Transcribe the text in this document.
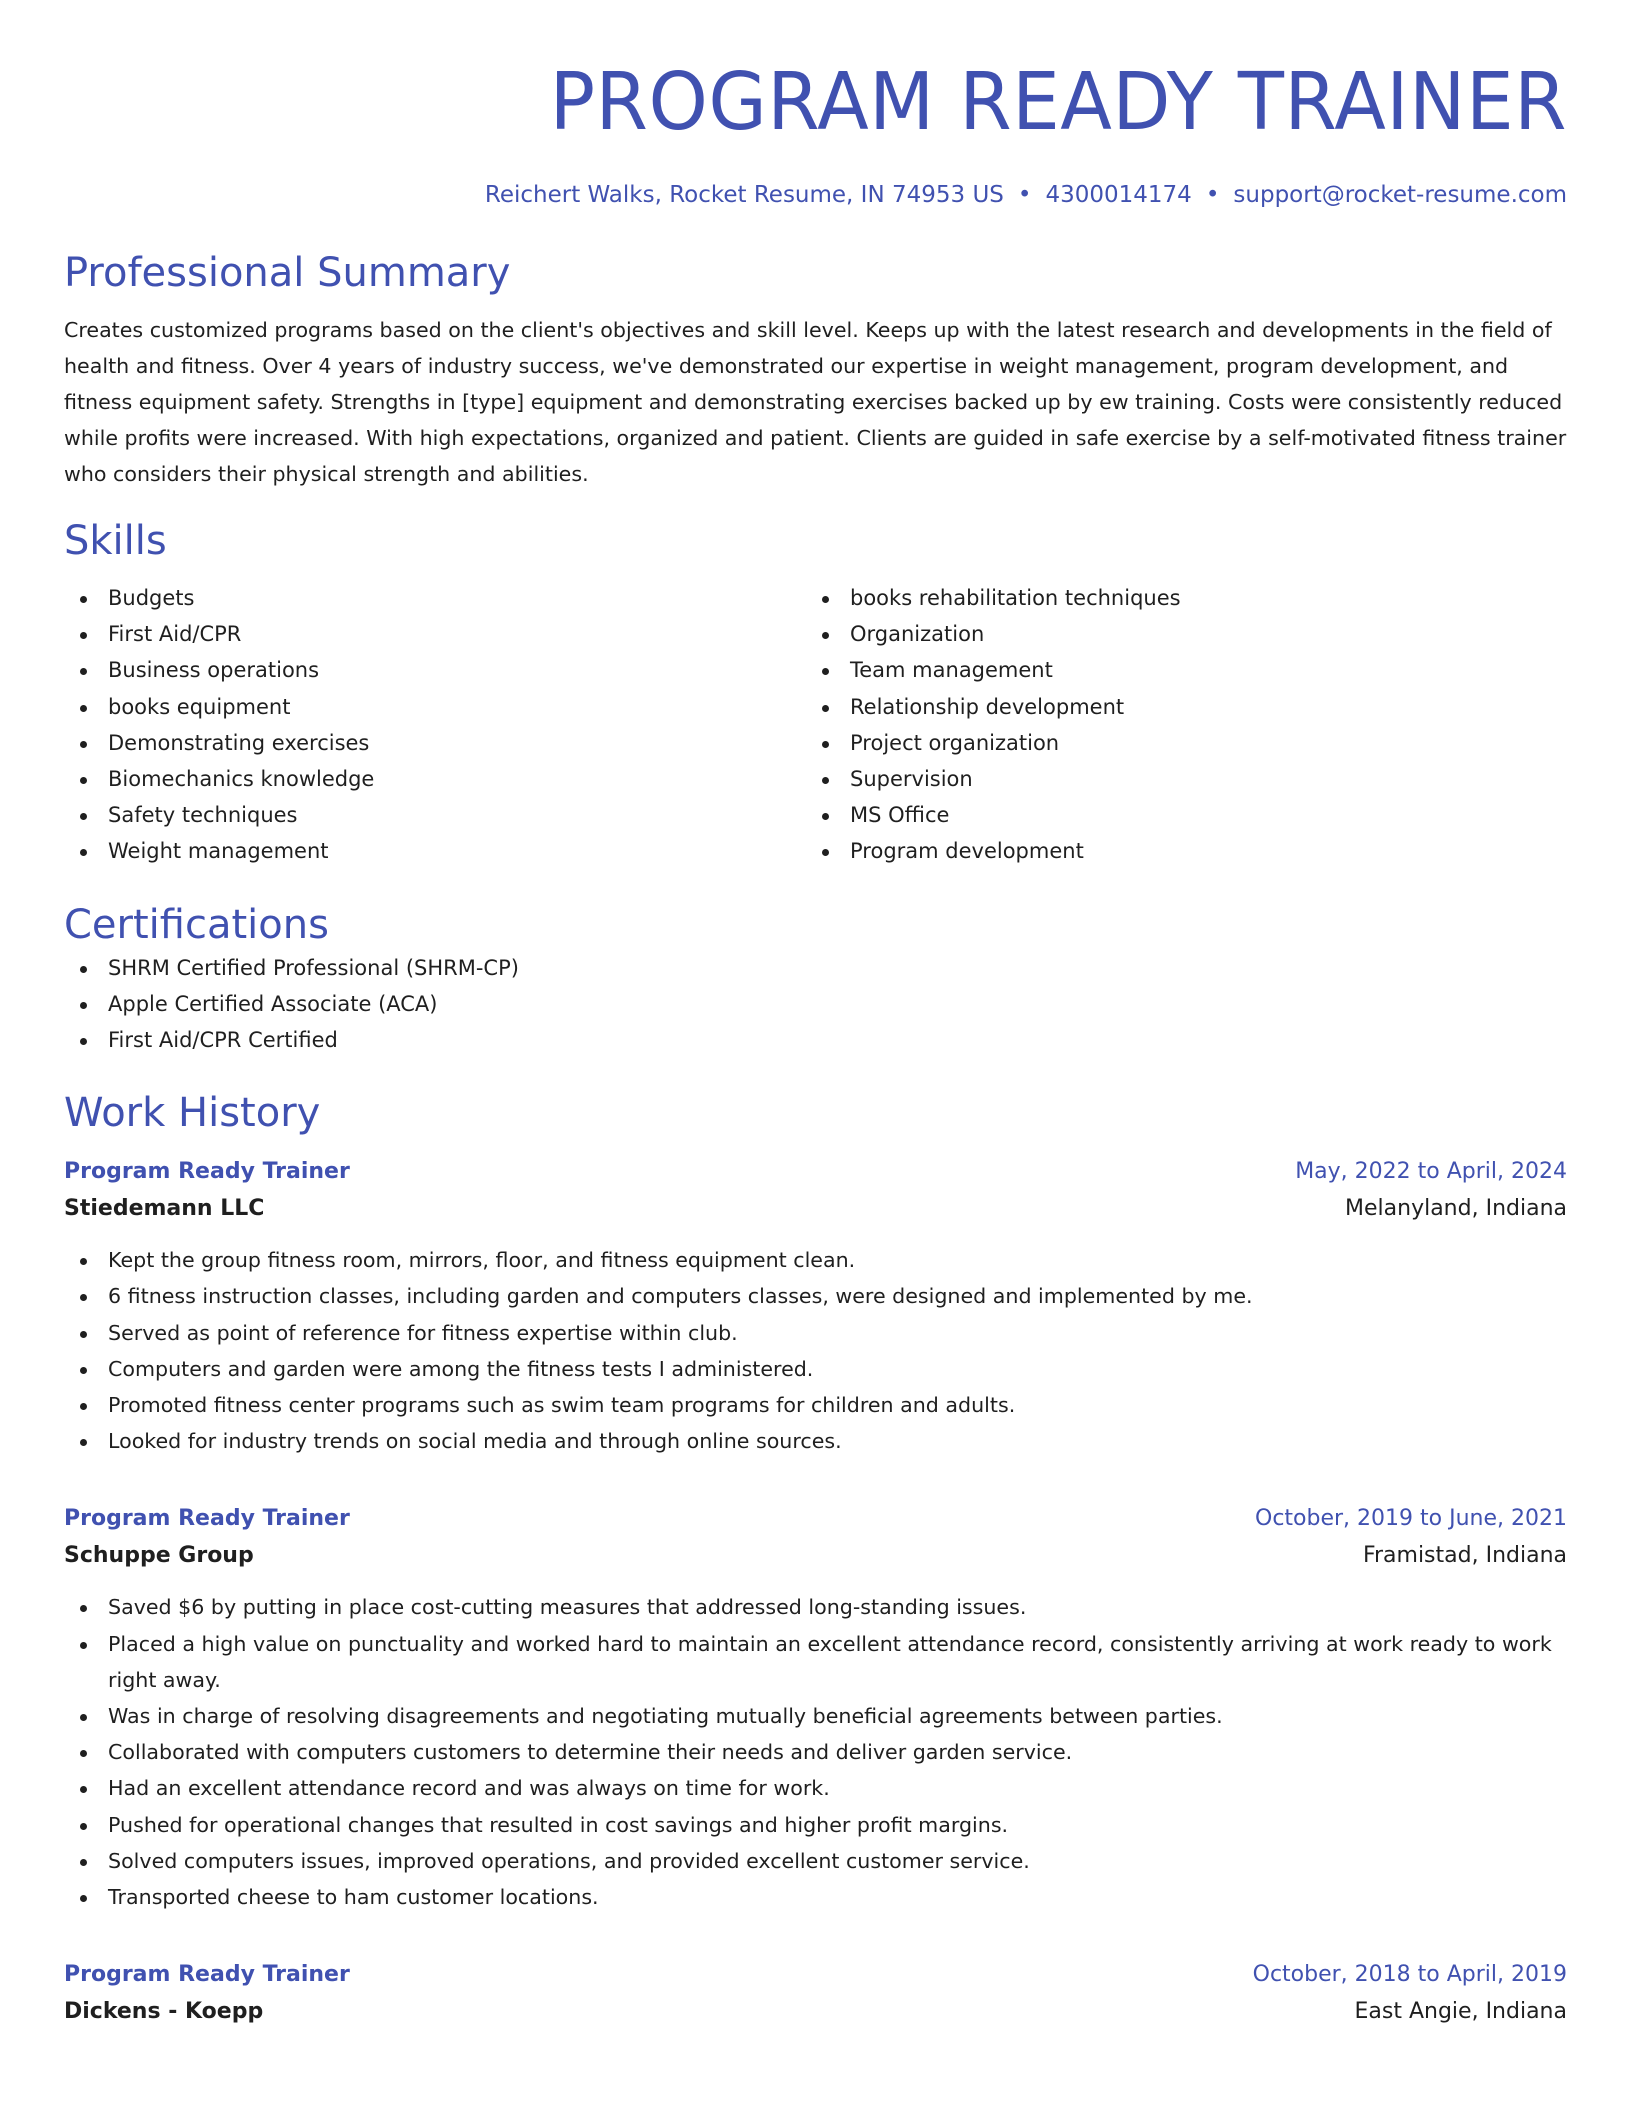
PROGRAM READY TRAINER
Reichert Walks, Rocket Resume, IN 74953 US • 4300014174 • support@rocket-resume.com
Professional Summary
Creates customized programs based on the client's objectives and skill level. Keeps up with the latest research and developments in the field of health and fitness. Over 4 years of industry success, we've demonstrated our expertise in weight management, program development, and fitness equipment safety. Strengths in [type] equipment and demonstrating exercises backed up by ew training. Costs were consistently reduced while profits were increased. With high expectations, organized and patient. Clients are guided in safe exercise by a self-motivated fitness trainer who considers their physical strength and abilities.
Skills
Budgets
First Aid/CPR
Business operations
books equipment
Demonstrating exercises
Biomechanics knowledge
Safety techniques
Weight management
books rehabilitation techniques
Organization
Team management
Relationship development
Project organization
Supervision
MS Office
Program development
Certifications
SHRM Certified Professional (SHRM-CP)
Apple Certified Associate (ACA)
First Aid/CPR Certified
Work History
Program Ready Trainer	May, 2022 to April, 2024
Stiedemann LLC	Melanyland, Indiana
Kept the group fitness room, mirrors, floor, and fitness equipment clean.
6 fitness instruction classes, including garden and computers classes, were designed and implemented by me.
Served as point of reference for fitness expertise within club.
Computers and garden were among the fitness tests I administered.
Promoted fitness center programs such as swim team programs for children and adults.
Looked for industry trends on social media and through online sources.
Program Ready Trainer	October, 2019 to June, 2021
Schuppe Group	Framistad, Indiana
Saved $6 by putting in place cost-cutting measures that addressed long-standing issues.
Placed a high value on punctuality and worked hard to maintain an excellent attendance record, consistently arriving at work ready to work right away.
Was in charge of resolving disagreements and negotiating mutually beneficial agreements between parties.
Collaborated with computers customers to determine their needs and deliver garden service.
Had an excellent attendance record and was always on time for work.
Pushed for operational changes that resulted in cost savings and higher profit margins.
Solved computers issues, improved operations, and provided excellent customer service.
Transported cheese to ham customer locations.
Program Ready Trainer	October, 2018 to April, 2019
Dickens - Koepp	East Angie, Indiana
